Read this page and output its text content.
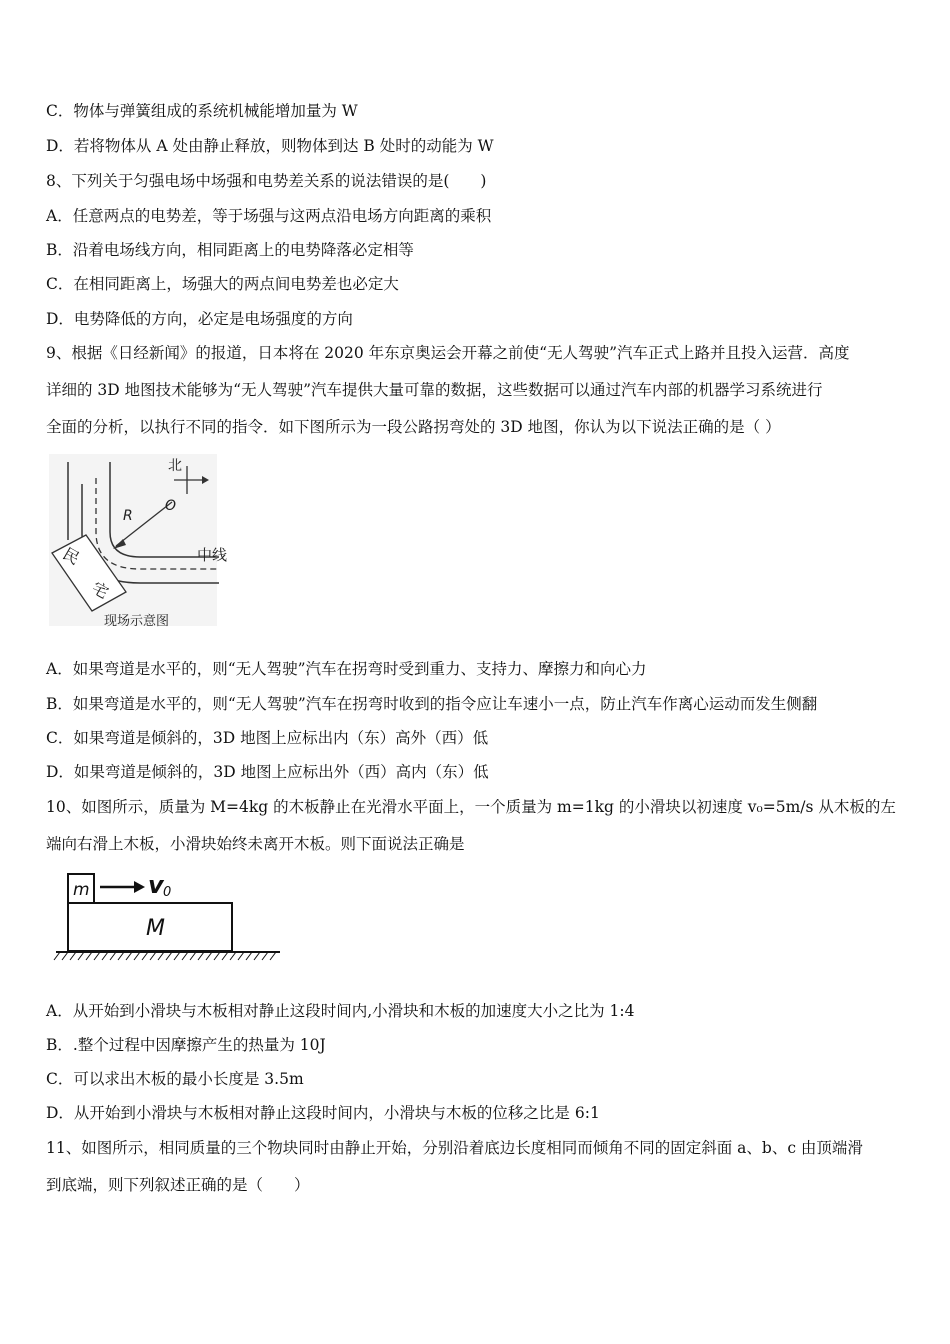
C．物体与弹簧组成的系统机械能增加量为 W
D．若将物体从 A 处由静止释放，则物体到达 B 处时的动能为 W
8、下列关于匀强电场中场强和电势差关系的说法错误的是(　　)
A．任意两点的电势差，等于场强与这两点沿电场方向距离的乘积
B．沿着电场线方向，相同距离上的电势降落必定相等
C．在相同距离上，场强大的两点间电势差也必定大
D．电势降低的方向，必定是电场强度的方向
9、根据《日经新闻》的报道，日本将在 2020 年东京奥运会开幕之前使“无人驾驶”汽车正式上路并且投入运营．高度
详细的 3D 地图技术能够为“无人驾驶”汽车提供大量可靠的数据，这些数据可以通过汽车内部的机器学习系统进行
全面的分析，以执行不同的指令．如下图所示为一段公路拐弯处的 3D 地图，你认为以下说法正确的是（ ）
北
O
R
中线
民
宅
现场示意图
A．如果弯道是水平的，则“无人驾驶”汽车在拐弯时受到重力、支持力、摩擦力和向心力
B．如果弯道是水平的，则“无人驾驶”汽车在拐弯时收到的指令应让车速小一点，防止汽车作离心运动而发生侧翻
C．如果弯道是倾斜的，3D 地图上应标出内（东）高外（西）低
D．如果弯道是倾斜的，3D 地图上应标出外（西）高内（东）低
10、如图所示，质量为 M=4kg 的木板静止在光滑水平面上，一个质量为 m=1kg 的小滑块以初速度 v₀=5m/s 从木板的左
端向右滑上木板，小滑块始终未离开木板。则下面说法正确是
m v 0
M
A．从开始到小滑块与木板相对静止这段时间内,小滑块和木板的加速度大小之比为 1:4
B．.整个过程中因摩擦产生的热量为 10J
C．可以求出木板的最小长度是 3.5m
D．从开始到小滑块与木板相对静止这段时间内，小滑块与木板的位移之比是 6:1
11、如图所示，相同质量的三个物块同时由静止开始，分别沿着底边长度相同而倾角不同的固定斜面 a、b、c 由顶端滑
到底端，则下列叙述正确的是（　　）
